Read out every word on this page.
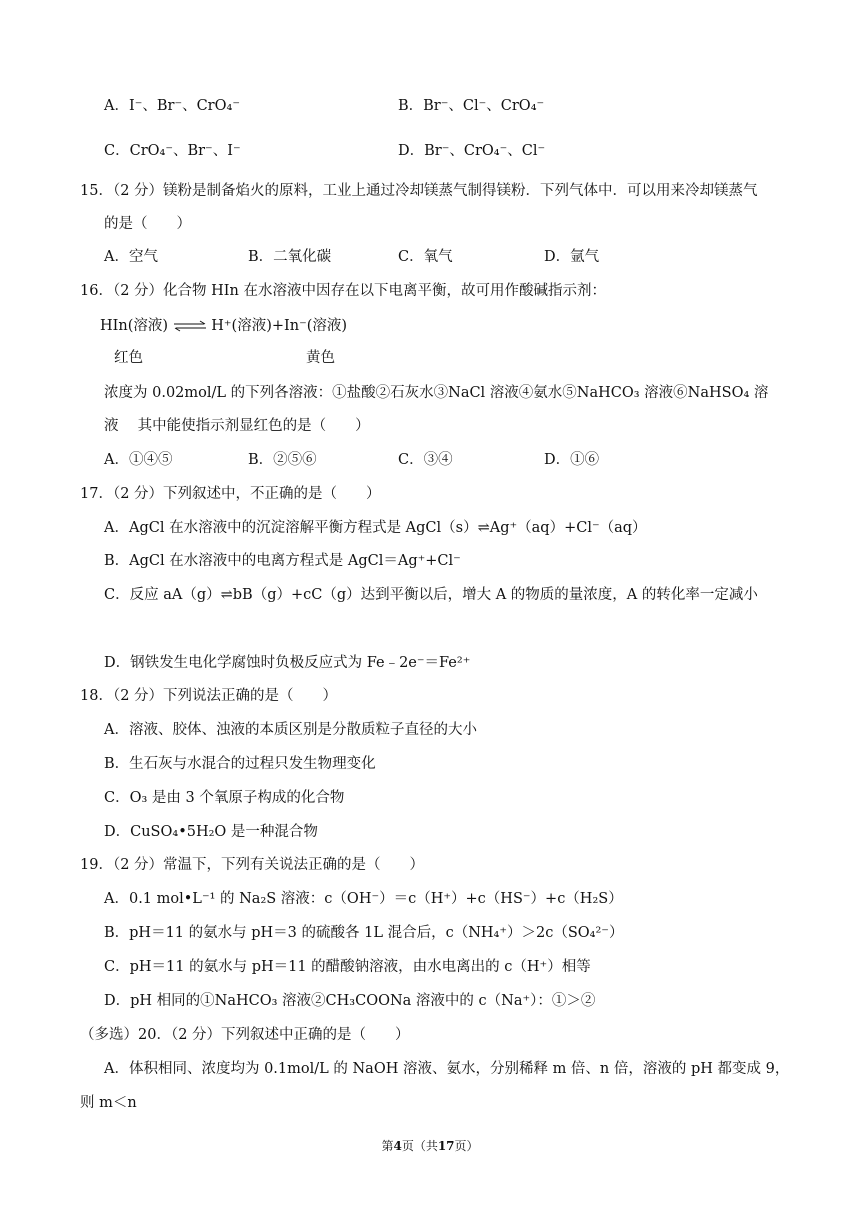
A．I⁻、Br⁻、CrO₄⁻	B．Br⁻、Cl⁻、CrO₄⁻
C．CrO₄⁻、Br⁻、I⁻	D．Br⁻、CrO₄⁻、Cl⁻
15．（2 分）镁粉是制备焰火的原料，工业上通过冷却镁蒸气制得镁粉．下列气体中．可以用来冷却镁蒸气
的是（　　）
A．空气	B．二氧化碳	C．氧气	D．氩气
16．（2 分）化合物 HIn 在水溶液中因存在以下电离平衡，故可用作酸碱指示剂：
HIn(溶液) ⇌ H⁺(溶液)+In⁻(溶液)
红色	黄色
浓度为 0.02mol/L 的下列各溶液：①盐酸②石灰水③NaCl 溶液④氨水⑤NaHCO₃ 溶液⑥NaHSO₄ 溶
液　 其中能使指示剂显红色的是（　　）
A．①④⑤	B．②⑤⑥	C．③④	D．①⑥
17．（2 分）下列叙述中，不正确的是（　　）
A．AgCl 在水溶液中的沉淀溶解平衡方程式是 AgCl（s）⇌Ag⁺（aq）+Cl⁻（aq）
B．AgCl 在水溶液中的电离方程式是 AgCl＝Ag⁺+Cl⁻
C．反应 aA（g）⇌bB（g）+cC（g）达到平衡以后，增大 A 的物质的量浓度，A 的转化率一定减小
D．钢铁发生电化学腐蚀时负极反应式为 Fe﹣2e⁻＝Fe²⁺
18．（2 分）下列说法正确的是（　　）
A．溶液、胶体、浊液的本质区别是分散质粒子直径的大小
B．生石灰与水混合的过程只发生物理变化
C．O₃ 是由 3 个氧原子构成的化合物
D．CuSO₄•5H₂O 是一种混合物
19．（2 分）常温下，下列有关说法正确的是（　　）
A．0.1 mol•L⁻¹ 的 Na₂S 溶液：c（OH⁻）＝c（H⁺）+c（HS⁻）+c（H₂S）
B．pH＝11 的氨水与 pH＝3 的硫酸各 1L 混合后，c（NH₄⁺）＞2c（SO₄²⁻）
C．pH＝11 的氨水与 pH＝11 的醋酸钠溶液，由水电离出的 c（H⁺）相等
D．pH 相同的①NaHCO₃ 溶液②CH₃COONa 溶液中的 c（Na⁺）：①＞②
（多选）20．（2 分）下列叙述中正确的是（　　）
A．体积相同、浓度均为 0.1mol/L 的 NaOH 溶液、氨水，分别稀释 m 倍、n 倍，溶液的 pH 都变成 9，
则 m＜n
第4页（共17页）
